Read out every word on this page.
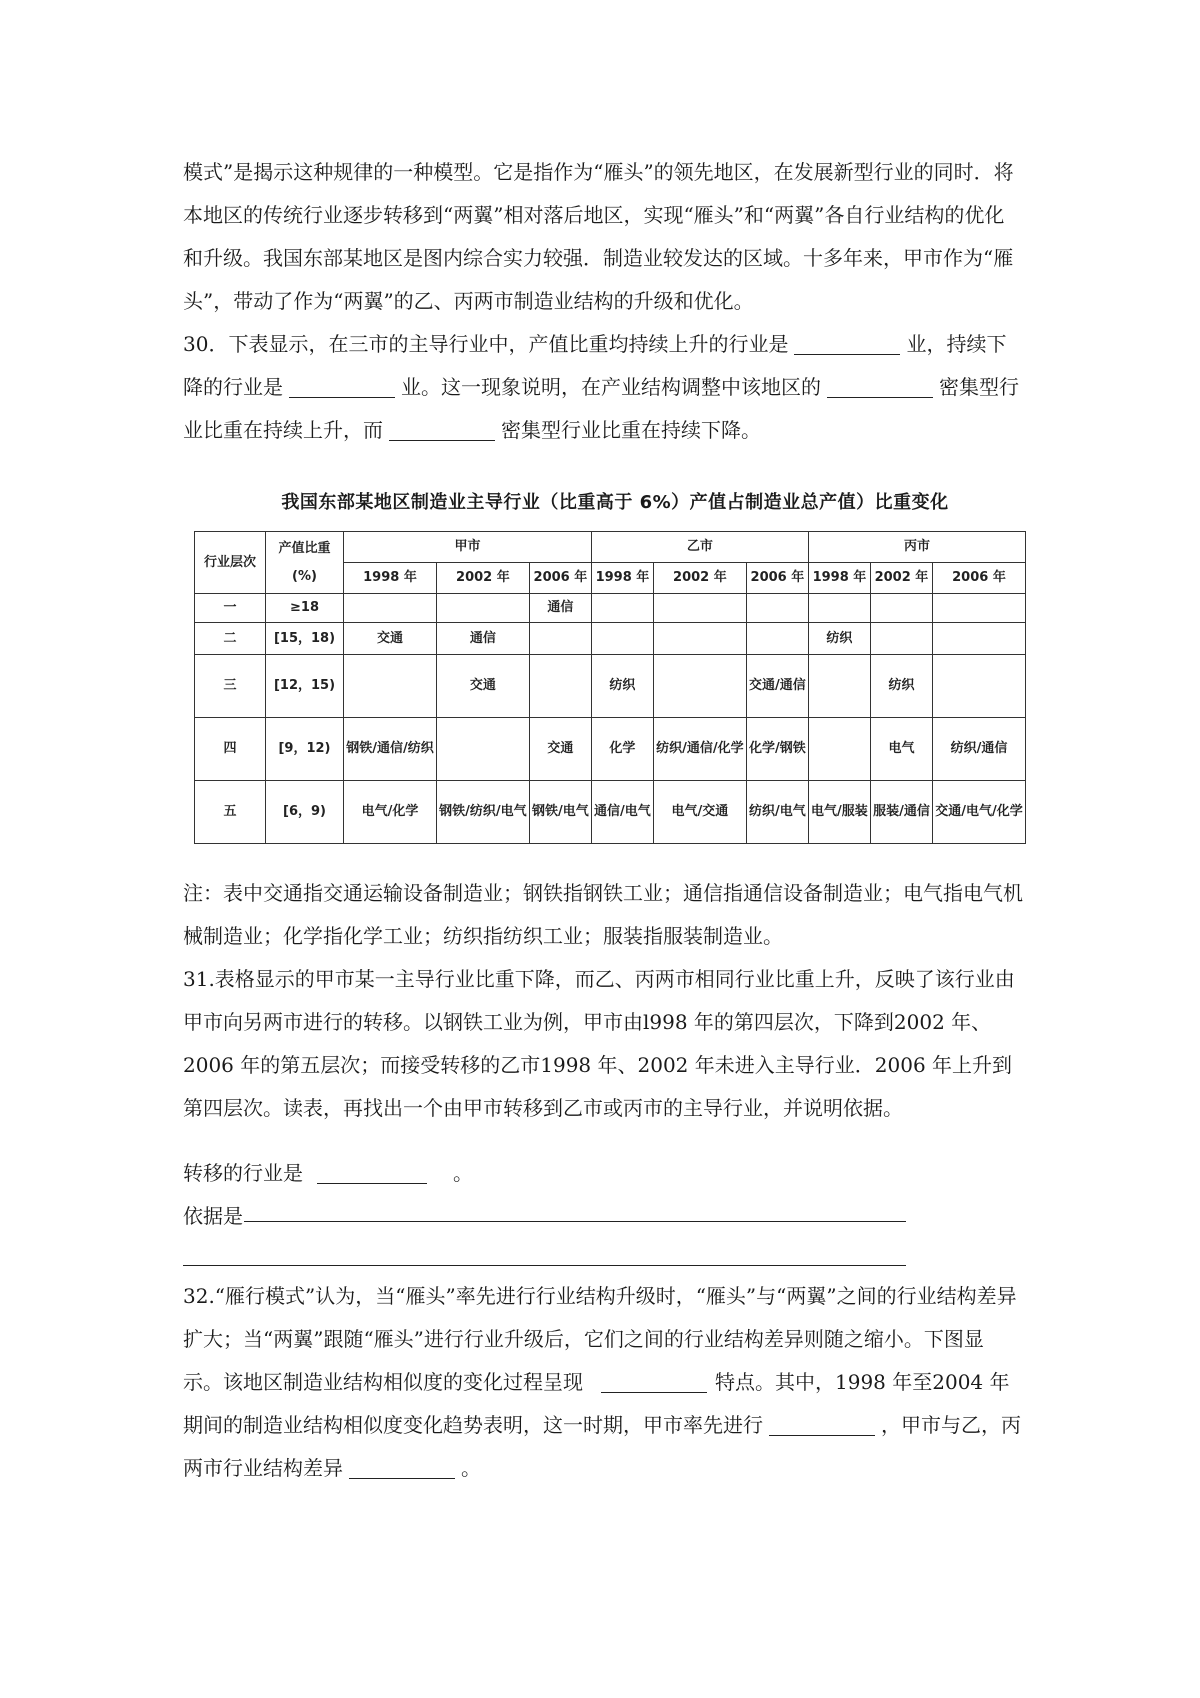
模式”是揭示这种规律的一种模型。它是指作为“雁头”的领先地区，在发展新型行业的同时．将本地区的传统行业逐步转移到“两翼”相对落后地区，实现“雁头”和“两翼”各自行业结构的优化和升级。我国东部某地区是图内综合实力较强．制造业较发达的区域。十多年来，甲市作为“雁头”，带动了作为“两翼”的乙、丙两市制造业结构的升级和优化。

30．下表显示，在三市的主导行业中，产值比重均持续上升的行业是	业，持续下降的行业是	业。这一现象说明，在产业结构调整中该地区的	密集型行业比重在持续上升，而	密集型行业比重在持续下降。

我国东部某地区制造业主导行业（比重高于 6%）产值占制造业总产值）比重变化
行业层次	产值比重(%)	甲市			乙市			丙市		
		1998 年	2002 年	2006 年	1998 年	2002 年	2006 年	1998 年	2002 年	2006 年
一	≥18			通信						
二	[15，18)	交通	通信					纺织		
三	[12，15)		交通		纺织		交通/通信		纺织	
四	[9，12)	钢铁/通信/纺织		交通	化学	纺织/通信/化学	化学/钢铁		电气	纺织/通信
五	[6，9)	电气/化学	钢铁/纺织/电气	钢铁/电气	通信/电气	电气/交通	纺织/电气	电气/服装	服装/通信	交通/电气/化学

注：表中交通指交通运输设备制造业；钢铁指钢铁工业；通信指通信设备制造业；电气指电气机械制造业；化学指化学工业；纺织指纺织工业；服装指服装制造业。

31.表格显示的甲市某一主导行业比重下降，而乙、丙两市相同行业比重上升，反映了该行业由甲市向另两市进行的转移。以钢铁工业为例，甲市由l998 年的第四层次，下降到2002 年、2006 年的第五层次；而接受转移的乙市1998 年、2002 年未进入主导行业．2006 年上升到第四层次。读表，再找出一个由甲市转移到乙市或丙市的主导行业，并说明依据。

转移的行业是	。
依据是

32.“雁行模式”认为，当“雁头”率先进行行业结构升级时，“雁头”与“两翼”之间的行业结构差异扩大；当“两翼”跟随“雁头”进行行业升级后，它们之间的行业结构差异则随之缩小。下图显示。该地区制造业结构相似度的变化过程呈现	特点。其中，1998 年至2004 年期间的制造业结构相似度变化趋势表明，这一时期，甲市率先进行	，甲市与乙，丙两市行业结构差异	。
